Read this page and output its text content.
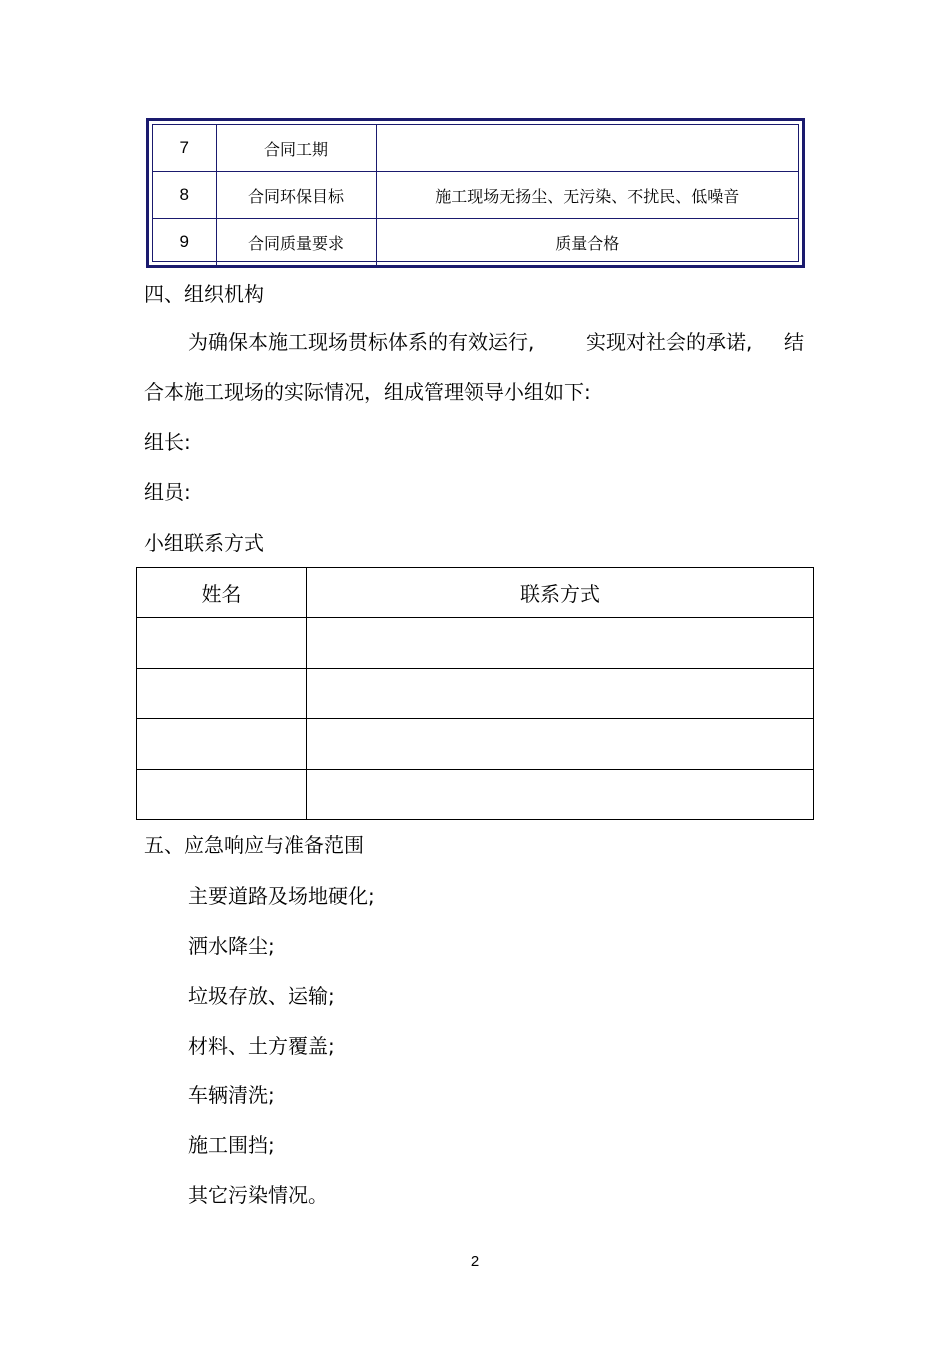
7	合同工期	
8	合同环保目标	施工现场无扬尘、无污染、不扰民、低噪音
9	合同质量要求	质量合格
四、组织机构
为确保本施工现场贯标体系的有效运行,	实现对社会的承诺, 结
合本施工现场的实际情况，组成管理领导小组如下:
组长:
组员:
小组联系方式
姓名	联系方式

五、应急响应与准备范围
主要道路及场地硬化;
洒水降尘;
垃圾存放、运输;
材料、土方覆盖;
车辆清洗;
施工围挡;
其它污染情况。
2
